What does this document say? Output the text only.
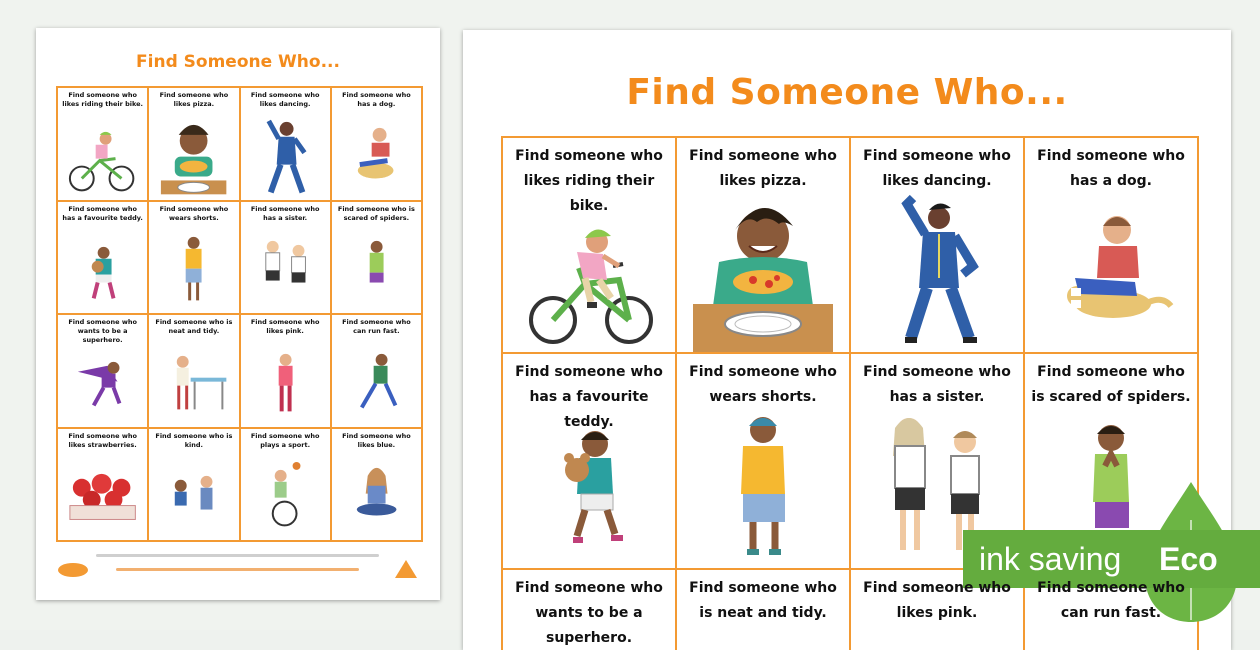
Find Someone Who...
Find someone who likes riding their bike.
Find someone who likes pizza.
Find someone who likes dancing.
Find someone who has a dog.
Find someone who has a favourite teddy.
Find someone who wears shorts.
Find someone who has a sister.
Find someone who is scared of spiders.
Find someone who wants to be a superhero.
Find someone who is neat and tidy.
Find someone who likes pink.
Find someone who can run fast.
Find someone who likes strawberries.
Find someone who is kind.
Find someone who plays a sport.
Find someone who likes blue.
Find Someone Who...
Find someone who likes riding their bike.
Find someone who likes pizza.
Find someone who likes dancing.
Find someone who has a dog.
Find someone who has a favourite teddy.
Find someone who wears shorts.
Find someone who has a sister.
Find someone who is scared of spiders.
Find someone who wants to be a superhero.
Find someone who is neat and tidy.
Find someone who likes pink.
Find someone who can run fast.
ink saving Eco
